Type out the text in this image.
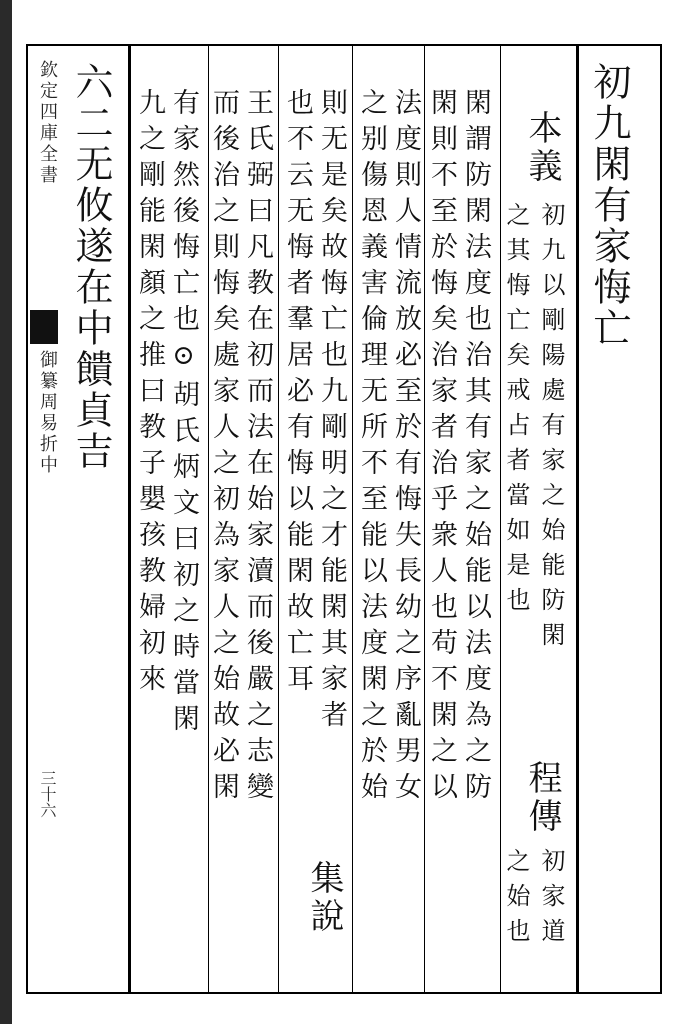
欽定四庫全書
御纂周易折中
三十六
初九閑有家悔亡
本義
初九以剛陽處有家之始能防閑
之其悔亡矣戒占者當如是也
程傳
初家道
之始也
閑謂防閑法度也治其有家之始能以法度為之防
閑則不至於悔矣治家者治乎衆人也苟不閑之以
法度則人情流放必至於有悔失長幼之序亂男女
之别傷恩義害倫理无所不至能以法度閑之於始
則无是矣故悔亡也九剛明之才能閑其家者
集說
也不云无悔者羣居必有悔以能閑故亡耳
王氏弼曰凡教在初而法在始家瀆而後嚴之志變
而後治之則悔矣處家人之初為家人之始故必閑
有家然後悔亡也⊙胡氏炳文曰初之時當閑
九之剛能閑顏之推曰教子嬰孩教婦初來
六二无攸遂在中饋貞吉
